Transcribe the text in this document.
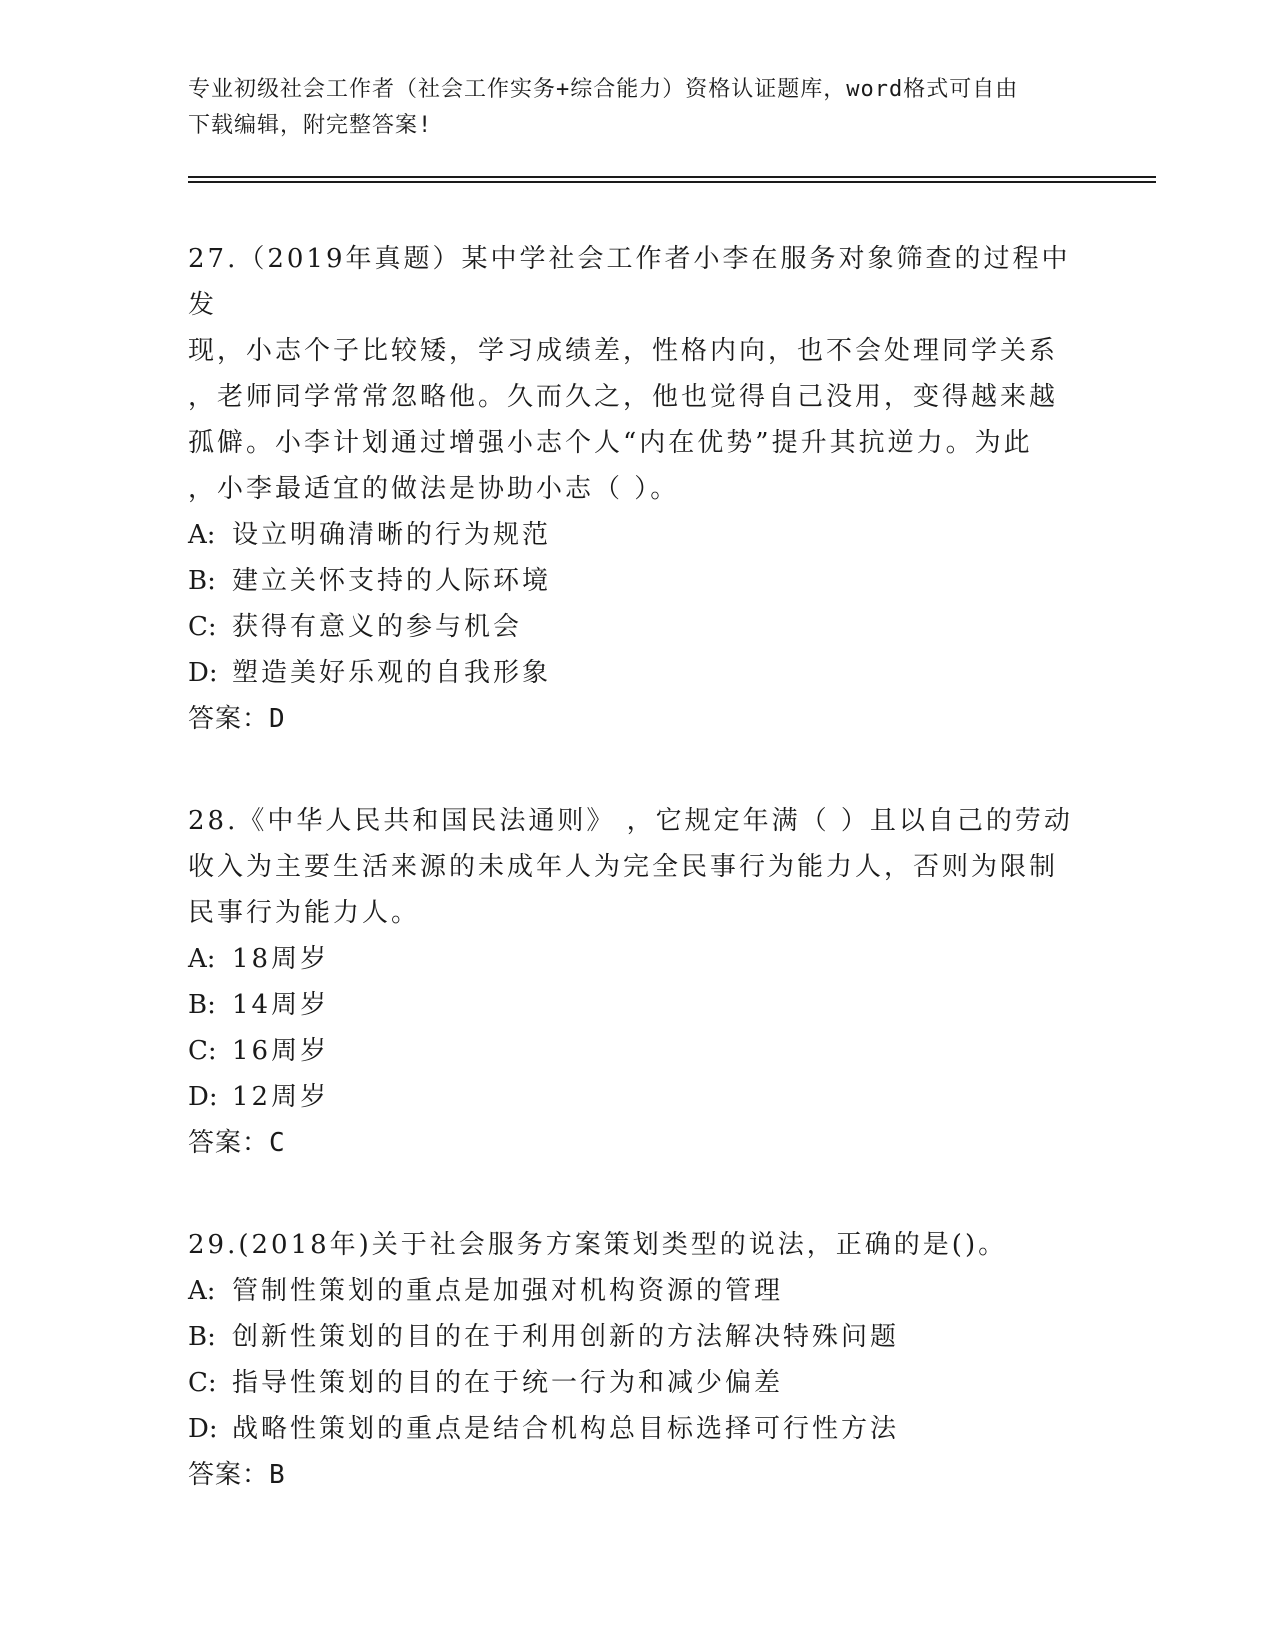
专业初级社会工作者（社会工作实务+综合能力）资格认证题库，word格式可自由
下载编辑，附完整答案!

27.（2019年真题）某中学社会工作者小李在服务对象筛查的过程中发

现，小志个子比较矮，学习成绩差，性格内向，也不会处理同学关系

，老师同学常常忽略他。久而久之，他也觉得自己没用，变得越来越

孤僻。小李计划通过增强小志个人“内在优势”提升其抗逆力。为此

，小李最适宜的做法是协助小志（ ）。

A: 设立明确清晰的行为规范

B: 建立关怀支持的人际环境

C: 获得有意义的参与机会

D: 塑造美好乐观的自我形象

答案：D

28.《中华人民共和国民法通则》 ，它规定年满（ ）且以自己的劳动

收入为主要生活来源的未成年人为完全民事行为能力人，否则为限制

民事行为能力人。

A: 18周岁

B: 14周岁

C: 16周岁

D: 12周岁

答案：C

29.(2018年)关于社会服务方案策划类型的说法，正确的是()。

A: 管制性策划的重点是加强对机构资源的管理

B: 创新性策划的目的在于利用创新的方法解决特殊问题

C: 指导性策划的目的在于统一行为和减少偏差

D: 战略性策划的重点是结合机构总目标选择可行性方法

答案：B
